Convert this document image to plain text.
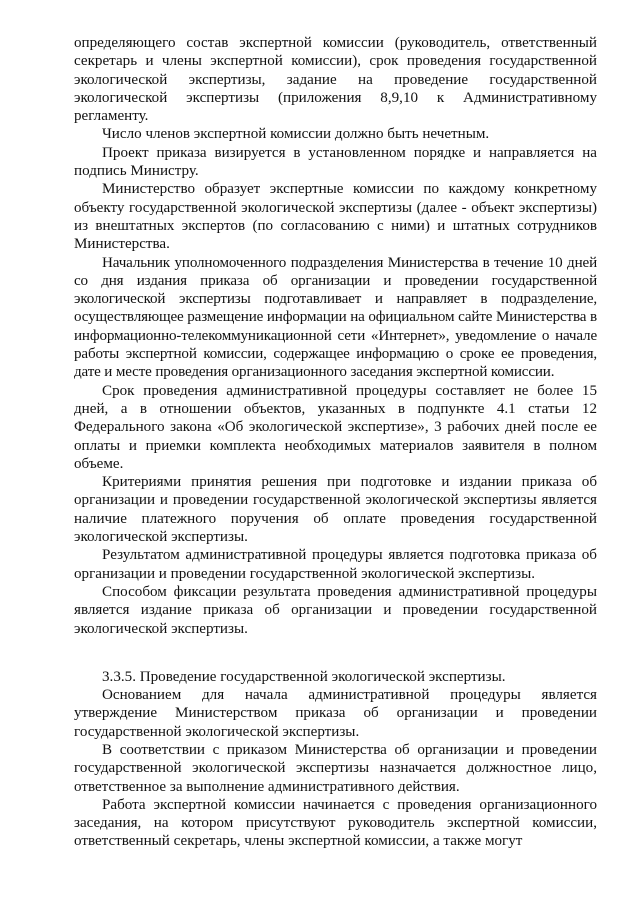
определяющего состав экспертной комиссии (руководитель, ответственный секретарь и члены экспертной комиссии), срок проведения государственной экологической экспертизы, задание на проведение государственной экологической экспертизы (приложения 8,9,10 к Административному регламенту.

Число членов экспертной комиссии должно быть нечетным.

Проект приказа визируется в установленном порядке и направляется на подпись Министру.

Министерство образует экспертные комиссии по каждому конкретному объекту государственной экологической экспертизы (далее - объект экспертизы) из внештатных экспертов (по согласованию с ними) и штатных сотрудников Министерства.

Начальник уполномоченного подразделения Министерства в течение 10 дней со дня издания приказа об организации и проведении государственной экологической экспертизы подготавливает и направляет в подразделение, осуществляющее размещение информации на официальном сайте Министерства в информационно-телекоммуникационной сети «Интернет», уведомление о начале работы экспертной комиссии, содержащее информацию о сроке ее проведения, дате и месте проведения организационного заседания экспертной комиссии.

Срок проведения административной процедуры составляет не более 15 дней, а в отношении объектов, указанных в подпункте 4.1 статьи 12 Федерального закона «Об экологической экспертизе», 3 рабочих дней после ее оплаты и приемки комплекта необходимых материалов заявителя в полном объеме.

Критериями принятия решения при подготовке и издании приказа об организации и проведении государственной экологической экспертизы является наличие платежного поручения об оплате проведения государственной экологической экспертизы.

Результатом административной процедуры является подготовка приказа об организации и проведении государственной экологической экспертизы.

Способом фиксации результата проведения административной процедуры является издание приказа об организации и проведении государственной экологической экспертизы.

3.3.5. Проведение государственной экологической экспертизы.

Основанием для начала административной процедуры является утверждение Министерством приказа об организации и проведении государственной экологической экспертизы.

В соответствии с приказом Министерства об организации и проведении государственной экологической экспертизы назначается должностное лицо, ответственное за выполнение административного действия.

Работа экспертной комиссии начинается с проведения организационного заседания, на котором присутствуют руководитель экспертной комиссии, ответственный секретарь, члены экспертной комиссии, а также могут
